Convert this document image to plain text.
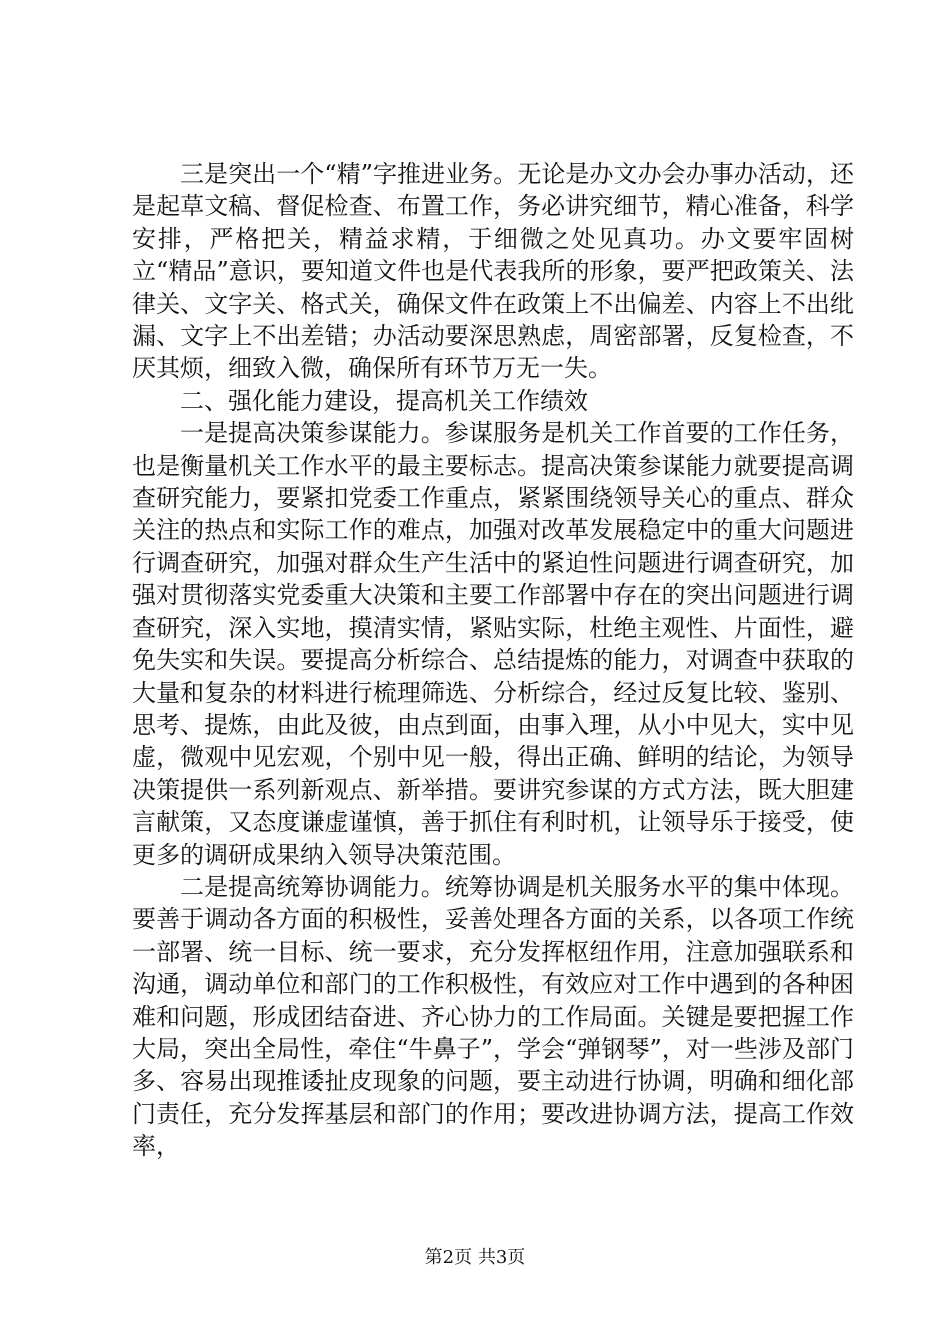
三是突出一个“精”字推进业务。无论是办文办会办事办活动，还是起草文稿、督促检查、布置工作，务必讲究细节，精心准备，科学安排，严格把关，精益求精，于细微之处见真功。办文要牢固树立“精品”意识，要知道文件也是代表我所的形象，要严把政策关、法律关、文字关、格式关，确保文件在政策上不出偏差、内容上不出纰漏、文字上不出差错；办活动要深思熟虑，周密部署，反复检查，不厌其烦，细致入微，确保所有环节万无一失。

二、强化能力建设，提高机关工作绩效

一是提高决策参谋能力。参谋服务是机关工作首要的工作任务，也是衡量机关工作水平的最主要标志。提高决策参谋能力就要提高调查研究能力，要紧扣党委工作重点，紧紧围绕领导关心的重点、群众关注的热点和实际工作的难点，加强对改革发展稳定中的重大问题进行调查研究，加强对群众生产生活中的紧迫性问题进行调查研究，加强对贯彻落实党委重大决策和主要工作部署中存在的突出问题进行调查研究，深入实地，摸清实情，紧贴实际，杜绝主观性、片面性，避免失实和失误。要提高分析综合、总结提炼的能力，对调查中获取的大量和复杂的材料进行梳理筛选、分析综合，经过反复比较、鉴别、思考、提炼，由此及彼，由点到面，由事入理，从小中见大，实中见虚，微观中见宏观，个别中见一般，得出正确、鲜明的结论，为领导决策提供一系列新观点、新举措。要讲究参谋的方式方法，既大胆建言献策，又态度谦虚谨慎，善于抓住有利时机，让领导乐于接受，使更多的调研成果纳入领导决策范围。

二是提高统筹协调能力。统筹协调是机关服务水平的集中体现。要善于调动各方面的积极性，妥善处理各方面的关系，以各项工作统一部署、统一目标、统一要求，充分发挥枢纽作用，注意加强联系和沟通，调动单位和部门的工作积极性，有效应对工作中遇到的各种困难和问题，形成团结奋进、齐心协力的工作局面。关键是要把握工作大局，突出全局性，牵住“牛鼻子”，学会“弹钢琴”，对一些涉及部门多、容易出现推诿扯皮现象的问题，要主动进行协调，明确和细化部门责任，充分发挥基层和部门的作用；要改进协调方法，提高工作效率，

第2页 共3页
